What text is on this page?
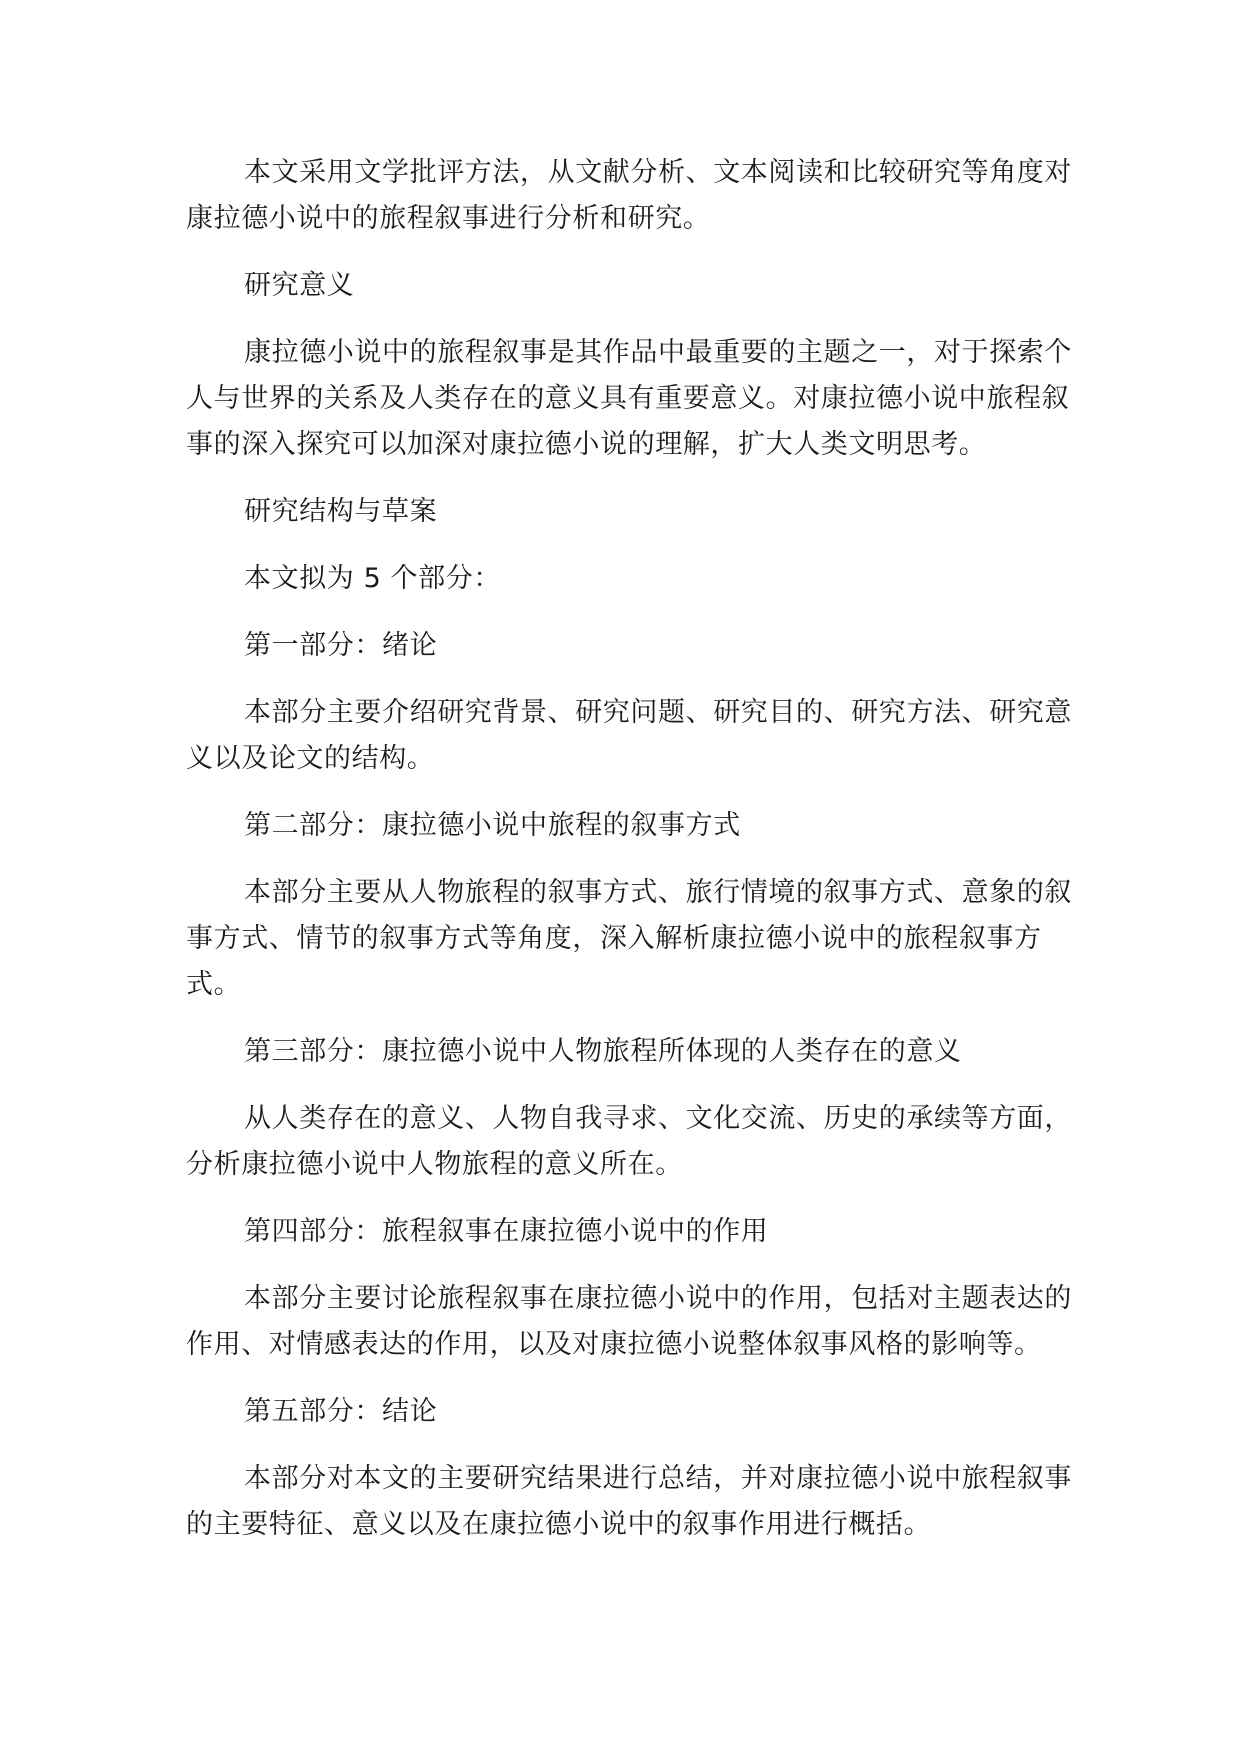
本文采用文学批评方法，从文献分析、文本阅读和比较研究等角度对康拉德小说中的旅程叙事进行分析和研究。

研究意义

康拉德小说中的旅程叙事是其作品中最重要的主题之一，对于探索个人与世界的关系及人类存在的意义具有重要意义。对康拉德小说中旅程叙事的深入探究可以加深对康拉德小说的理解，扩大人类文明思考。

研究结构与草案

本文拟为 5 个部分：

第一部分：绪论

本部分主要介绍研究背景、研究问题、研究目的、研究方法、研究意义以及论文的结构。

第二部分：康拉德小说中旅程的叙事方式

本部分主要从人物旅程的叙事方式、旅行情境的叙事方式、意象的叙事方式、情节的叙事方式等角度，深入解析康拉德小说中的旅程叙事方式。

第三部分：康拉德小说中人物旅程所体现的人类存在的意义

从人类存在的意义、人物自我寻求、文化交流、历史的承续等方面，分析康拉德小说中人物旅程的意义所在。

第四部分：旅程叙事在康拉德小说中的作用

本部分主要讨论旅程叙事在康拉德小说中的作用，包括对主题表达的作用、对情感表达的作用，以及对康拉德小说整体叙事风格的影响等。

第五部分：结论

本部分对本文的主要研究结果进行总结，并对康拉德小说中旅程叙事的主要特征、意义以及在康拉德小说中的叙事作用进行概括。
